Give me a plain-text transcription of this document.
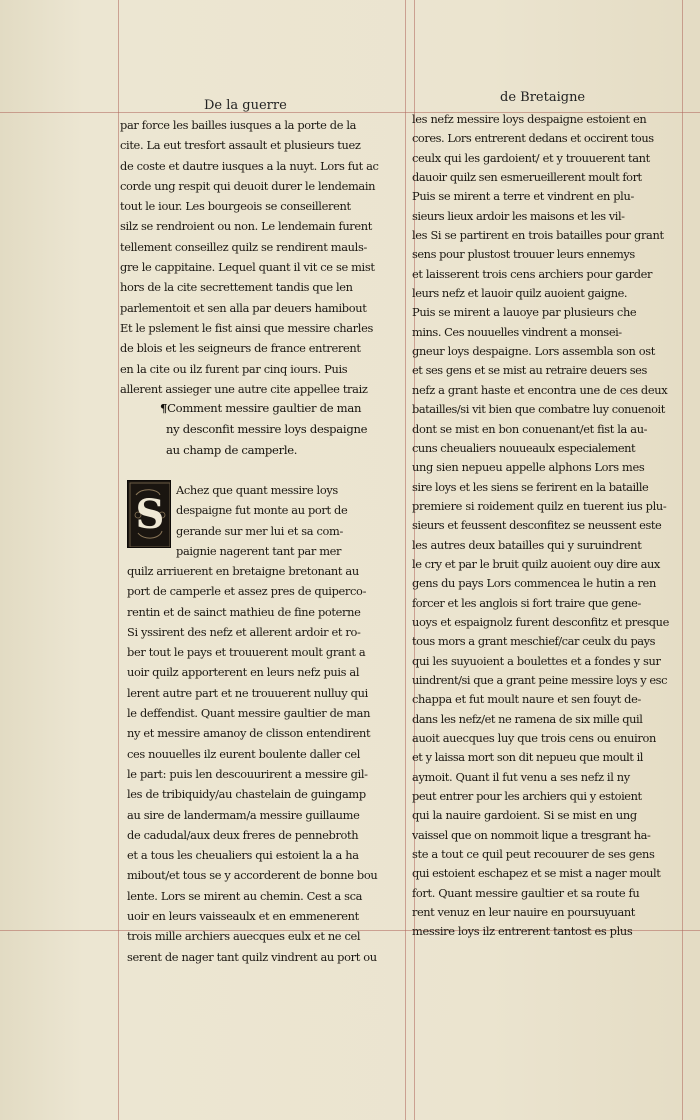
De la guerre
de Bretaigne
par force les bailles iusques a la porte de la
cite. La eut tresfort assault et plusieurs tuez
de coste et dautre iusques a la nuyt. Lors fut ac
corde ung respit qui deuoit durer le lendemain
tout le iour. Les bourgeois se conseillerent
silz se rendroient ou non. Le lendemain furent
tellement conseillez quilz se rendirent mauls-
gre le cappitaine. Lequel quant il vit ce se mist
hors de la cite secrettement tandis que len
parlementoit et sen alla par deuers hamibout
Et le pslement le fist ainsi que messire charles
de blois et les seigneurs de france entrerent
en la cite ou ilz furent par cinq iours. Puis
allerent assieger une autre cite appellee traiz
¶Comment messire gaultier de man
ny desconfit messire loys despaigne
au champ de camperle.
S
Achez que quant messire loys
despaigne fut monte au port de
gerande sur mer lui et sa com-
paignie nagerent tant par mer
quilz arriuerent en bretaigne bretonant au
port de camperle et assez pres de quiperco-
rentin et de sainct mathieu de fine poterne
Si yssirent des nefz et allerent ardoir et ro-
ber tout le pays et trouuerent moult grant a
uoir quilz apporterent en leurs nefz puis al
lerent autre part et ne trouuerent nulluy qui
le deffendist. Quant messire gaultier de man
ny et messire amanoy de clisson entendirent
ces nouuelles ilz eurent boulente daller cel
le part: puis len descouurirent a messire gil-
les de tribiquidy/au chastelain de guingamp
au sire de landermam/a messire guillaume
de cadudal/aux deux freres de pennebroth
et a tous les cheualiers qui estoient la a ha
mibout/et tous se y accorderent de bonne bou
lente. Lors se mirent au chemin. Cest a sca
uoir en leurs vaisseaulx et en emmenerent
trois mille archiers auecques eulx et ne cel
serent de nager tant quilz vindrent au port ou
les nefz messire loys despaigne estoient en
cores. Lors entrerent dedans et occirent tous
ceulx qui les gardoient/ et y trouuerent tant
dauoir quilz sen esmerueillerent moult fort
Puis se mirent a terre et vindrent en plu-
sieurs lieux ardoir les maisons et les vil-
les Si se partirent en trois batailles pour grant
sens pour plustost trouuer leurs ennemys
et laisserent trois cens archiers pour garder
leurs nefz et lauoir quilz auoient gaigne.
Puis se mirent a lauoye par plusieurs che
mins. Ces nouuelles vindrent a monsei-
gneur loys despaigne. Lors assembla son ost
et ses gens et se mist au retraire deuers ses
nefz a grant haste et encontra une de ces deux
batailles/si vit bien que combatre luy conuenoit
dont se mist en bon conuenant/et fist la au-
cuns cheualiers nouueaulx especialement
ung sien nepueu appelle alphons Lors mes
sire loys et les siens se ferirent en la bataille
premiere si roidement quilz en tuerent ius plu-
sieurs et feussent desconfitez se neussent este
les autres deux batailles qui y suruindrent
le cry et par le bruit quilz auoient ouy dire aux
gens du pays Lors commencea le hutin a ren
forcer et les anglois si fort traire que gene-
uoys et espaignolz furent desconfitz et presque
tous mors a grant meschief/car ceulx du pays
qui les suyuoient a boulettes et a fondes y sur
uindrent/si que a grant peine messire loys y esc
chappa et fut moult naure et sen fouyt de-
dans les nefz/et ne ramena de six mille quil
auoit auecques luy que trois cens ou enuiron
et y laissa mort son dit nepueu que moult il
aymoit. Quant il fut venu a ses nefz il ny
peut entrer pour les archiers qui y estoient
qui la nauire gardoient. Si se mist en ung
vaissel que on nommoit lique a tresgrant ha-
ste a tout ce quil peut recouurer de ses gens
qui estoient eschapez et se mist a nager moult
fort. Quant messire gaultier et sa route fu
rent venuz en leur nauire en poursuyuant
messire loys ilz entrerent tantost es plus
